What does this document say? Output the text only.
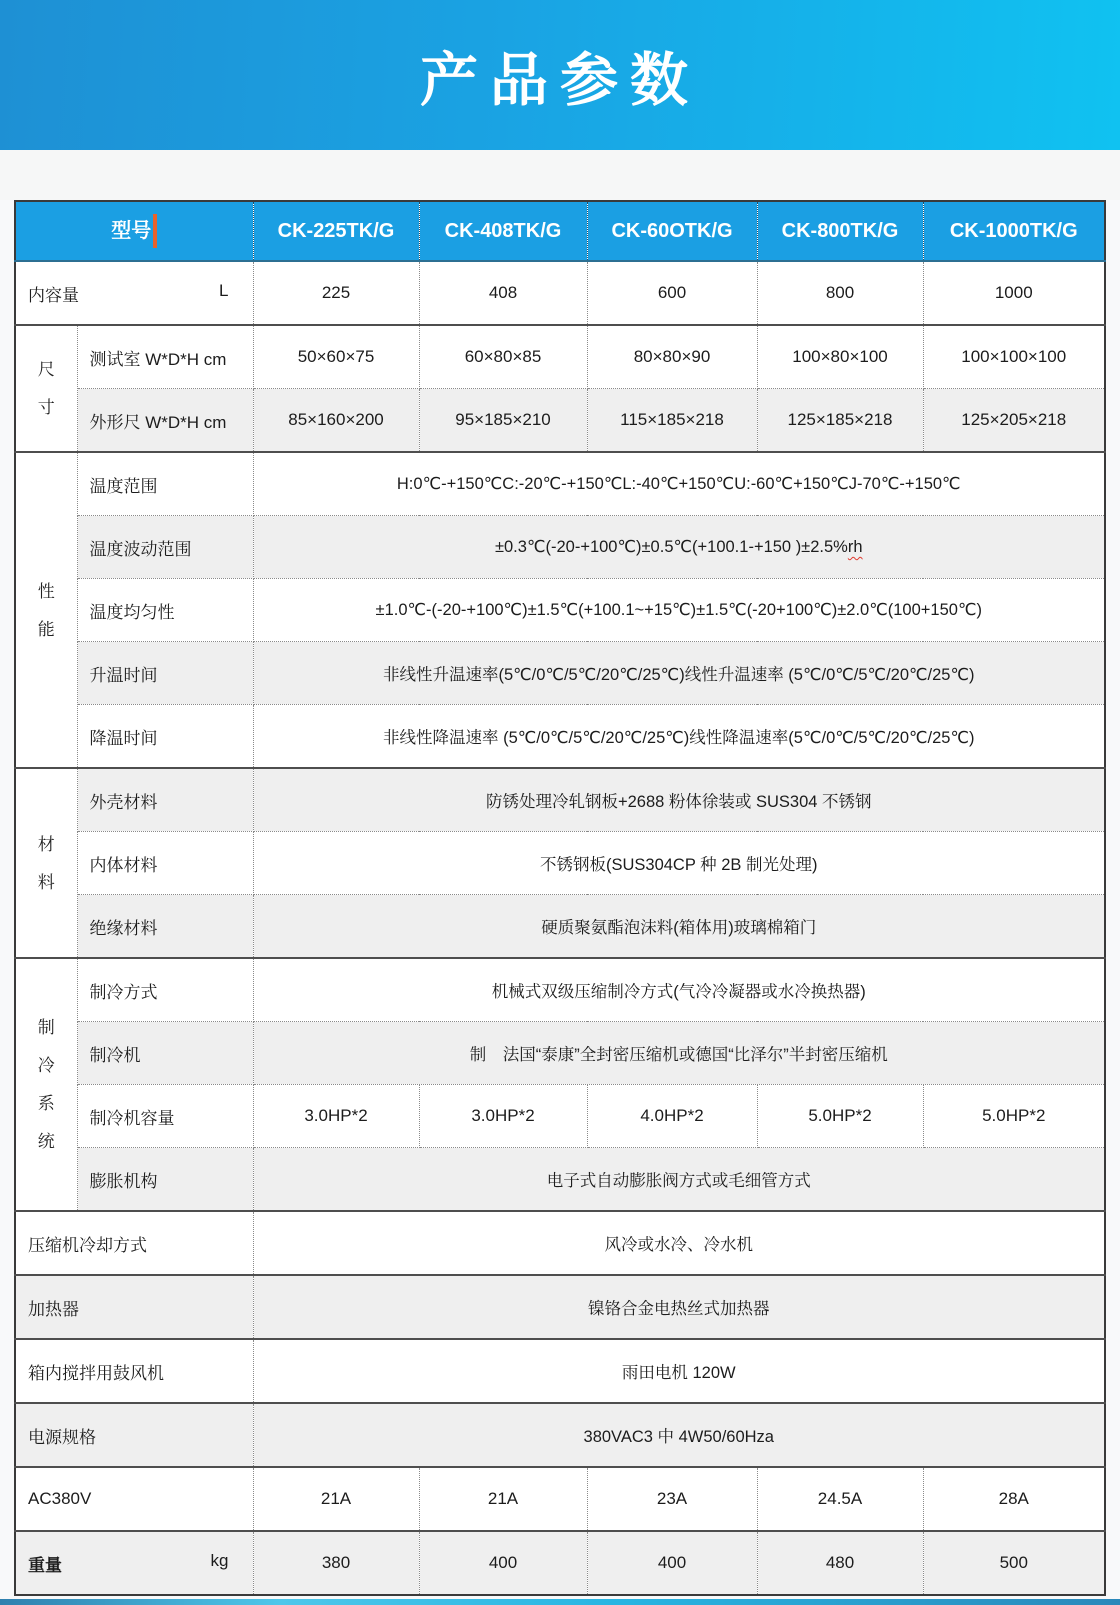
产品参数
型号		CK-225TK/G	CK-408TK/G	CK-60OTK/G	CK-800TK/G	CK-1000TK/G
内容量 L		225	408	600	800	1000

尺
寸	测试室 W*D*H cm	50×60×75	60×80×85	80×80×90	100×80×100	100×100×100
	外形尺 W*D*H cm	85×160×200	95×185×210	115×185×218	125×185×218	125×205×218

性
能	温度范围	H:0℃-+150℃C:-20℃-+150℃L:-40℃+150℃U:-60℃+150℃J-70℃-+150℃				
	温度波动范围	±0.3℃(-20-+100℃)±0.5℃(+100.1-+150 )±2.5%rh				
	温度均匀性	±1.0℃-(-20-+100℃)±1.5℃(+100.1~+15℃)±1.5℃(-20+100℃)±2.0℃(100+150℃)				
	升温时间	非线性升温速率(5℃/0℃/5℃/20℃/25℃)线性升温速率 (5℃/0℃/5℃/20℃/25℃)				
	降温时间	非线性降温速率 (5℃/0℃/5℃/20℃/25℃)线性降温速率(5℃/0℃/5℃/20℃/25℃)				

材
料	外壳材料	防锈处理冷轧钢板+2688 粉体徐装或 SUS304 不锈钢				
	内体材料	不锈钢板(SUS304CP 种 2B 制光处理)				
	绝缘材料	硬质聚氨酯泡沫料(箱体用)玻璃棉箱门				

制
冷
系
统	制冷方式	机械式双级压缩制冷方式(气冷冷凝器或水冷换热器)				
	制冷机	制　法国“泰康”全封密压缩机或德国“比泽尔”半封密压缩机				
	制冷机容量	3.0HP*2	3.0HP*2	4.0HP*2	5.0HP*2	5.0HP*2
	膨胀机构	电子式自动膨胀阀方式或毛细管方式				
压缩机冷却方式		风冷或水冷、冷水机				
加热器		镍铬合金电热丝式加热器				
箱内搅拌用鼓风机		雨田电机 120W				
电源规格		380VAC3 中 4W50/60Hza				
AC380V		21A	21A	23A	24.5A	28A
重量 kg		380	400	400	480	500
